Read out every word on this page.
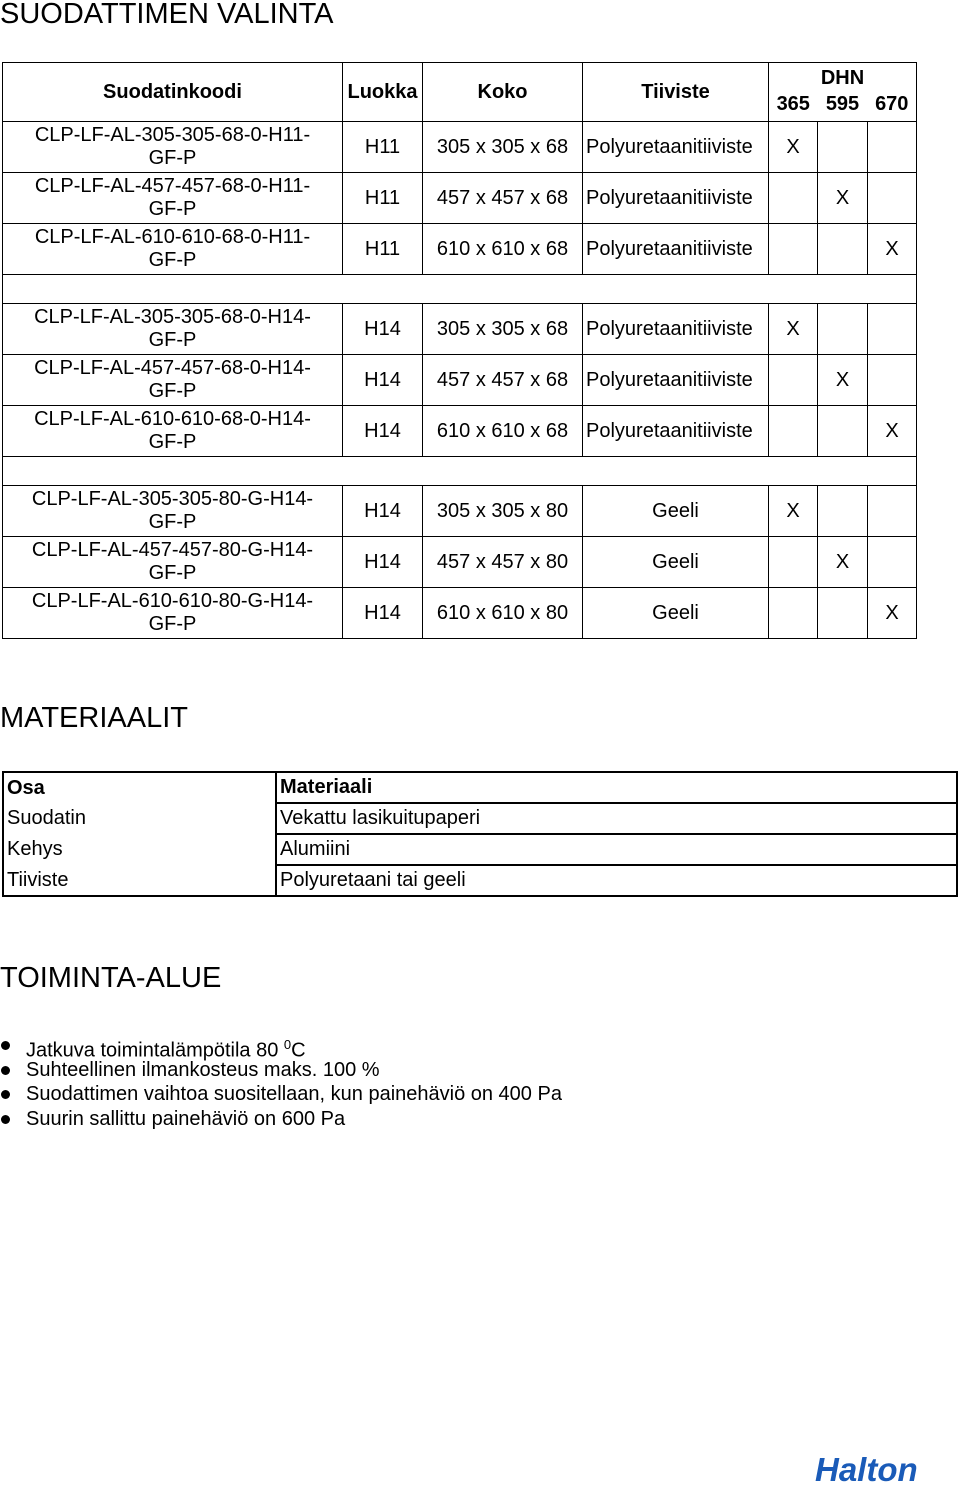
SUODATTIMEN VALINTA
Suodatinkoodi	Luokka	Koko	Tiiviste	DHN		
				365	595	670

CLP-LF-AL-305-305-68-0-H11-
GF-P	H11	305 x 305 x 68	Polyuretaanitiiviste	X		

CLP-LF-AL-457-457-68-0-H11-
GF-P	H11	457 x 457 x 68	Polyuretaanitiiviste		X	

CLP-LF-AL-610-610-68-0-H11-
GF-P	H11	610 x 610 x 68	Polyuretaanitiiviste			X

CLP-LF-AL-305-305-68-0-H14-
GF-P	H14	305 x 305 x 68	Polyuretaanitiiviste	X		

CLP-LF-AL-457-457-68-0-H14-
GF-P	H14	457 x 457 x 68	Polyuretaanitiiviste		X	

CLP-LF-AL-610-610-68-0-H14-
GF-P	H14	610 x 610 x 68	Polyuretaanitiiviste			X

CLP-LF-AL-305-305-80-G-H14-
GF-P	H14	305 x 305 x 80	Geeli	X		

CLP-LF-AL-457-457-80-G-H14-
GF-P	H14	457 x 457 x 80	Geeli		X	

CLP-LF-AL-610-610-80-G-H14-
GF-P	H14	610 x 610 x 80	Geeli			X
MATERIAALIT
Osa	Materiaali
Suodatin	Vekattu lasikuitupaperi
Kehys	Alumiini
Tiiviste	Polyuretaani tai geeli
TOIMINTA-ALUE
Jatkuva toimintalämpötila 80 $^0$C
Suhteellinen ilmankosteus maks. 100 %
Suodattimen vaihtoa suositellaan, kun painehäviö on 400 Pa
Suurin sallittu painehäviö on 600 Pa
Halton
